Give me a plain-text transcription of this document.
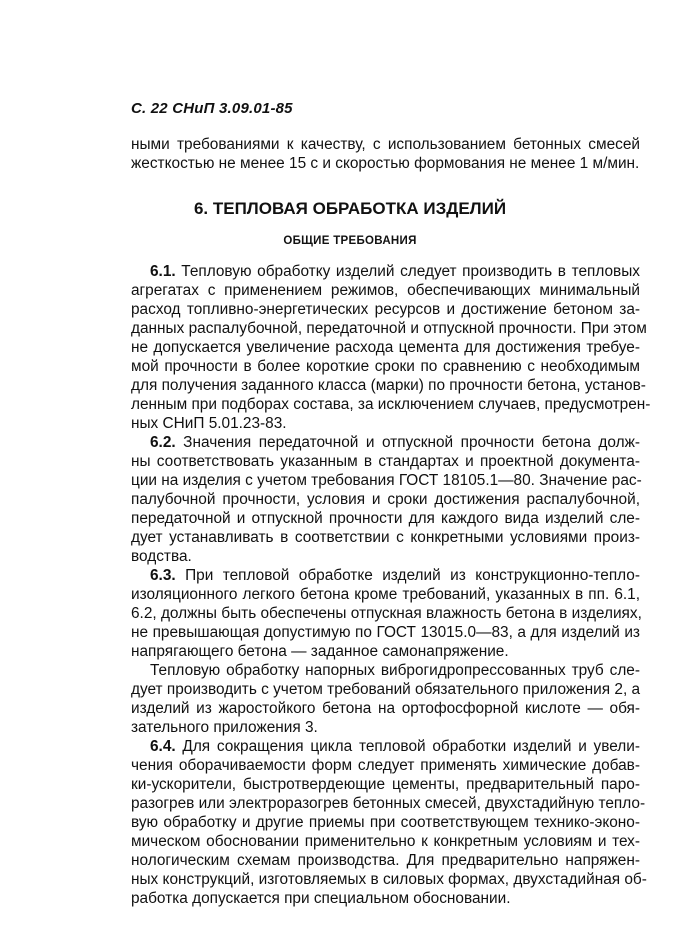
С. 22 СНиП 3.09.01-85
ными требованиями к качеству, с использованием бетонных смесей
жесткостью не менее 15 с и скоростью формования не менее 1 м/мин.
6. ТЕПЛОВАЯ ОБРАБОТКА ИЗДЕЛИЙ
ОБЩИЕ ТРЕБОВАНИЯ
6.1. Тепловую обработку изделий следует производить в тепловых
агрегатах с применением режимов, обеспечивающих минимальный
расход топливно-энергетических ресурсов и достижение бетоном за-
данных распалубочной, передаточной и отпускной прочности. При этом
не допускается увеличение расхода цемента для достижения требуе-
мой прочности в более короткие сроки по сравнению с необходимым
для получения заданного класса (марки) по прочности бетона, установ-
ленным при подборах состава, за исключением случаев, предусмотрен-
ных СНиП 5.01.23-83.
6.2. Значения передаточной и отпускной прочности бетона долж-
ны соответствовать указанным в стандартах и проектной документа-
ции на изделия с учетом требования ГОСТ 18105.1—80. Значение рас-
палубочной прочности, условия и сроки достижения распалубочной,
передаточной и отпускной прочности для каждого вида изделий сле-
дует устанавливать в соответствии с конкретными условиями произ-
водства.
6.3. При тепловой обработке изделий из конструкционно-тепло-
изоляционного легкого бетона кроме требований, указанных в пп. 6.1,
6.2, должны быть обеспечены отпускная влажность бетона в изделиях,
не превышающая допустимую по ГОСТ 13015.0—83, а для изделий из
напрягающего бетона — заданное самонапряжение.
Тепловую обработку напорных виброгидропрессованных труб сле-
дует производить с учетом требований обязательного приложения 2, а
изделий из жаростойкого бетона на ортофосфорной кислоте — обя-
зательного приложения 3.
6.4. Для сокращения цикла тепловой обработки изделий и увели-
чения оборачиваемости форм следует применять химические добав-
ки-ускорители, быстротвердеющие цементы, предварительный паро-
разогрев или электроразогрев бетонных смесей, двухстадийную тепло-
вую обработку и другие приемы при соответствующем технико-эконо-
мическом обосновании применительно к конкретным условиям и тех-
нологическим схемам производства. Для предварительно напряжен-
ных конструкций, изготовляемых в силовых формах, двухстадийная об-
работка допускается при специальном обосновании.
